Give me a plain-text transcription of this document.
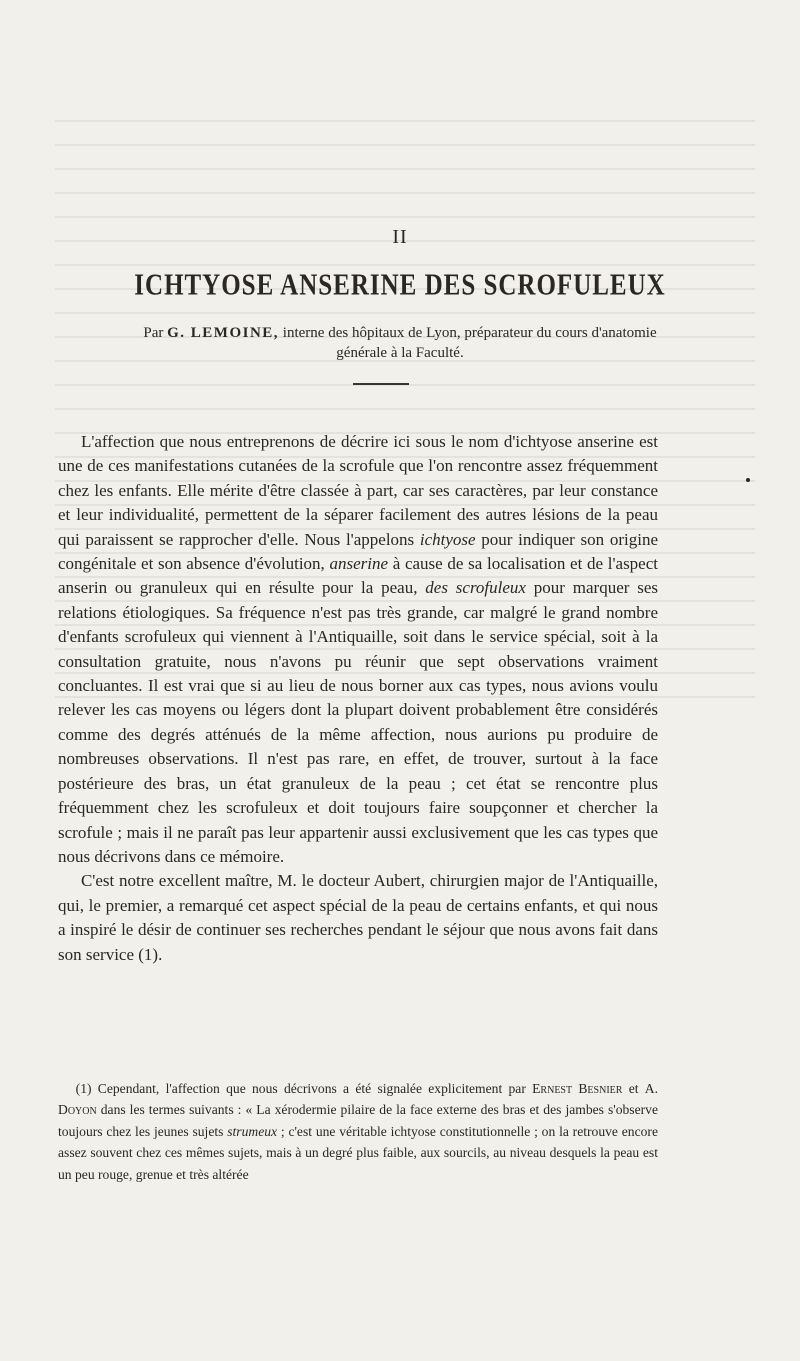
II
ICHTYOSE ANSERINE DES SCROFULEUX
Par G. LEMOINE, interne des hôpitaux de Lyon, préparateur du cours d'anatomie
générale à la Faculté.

L'affection que nous entreprenons de décrire ici sous le nom d'ichtyose anserine est une de ces manifestations cutanées de la scrofule que l'on rencontre assez fréquemment chez les enfants. Elle mérite d'être classée à part, car ses caractères, par leur constance et leur individualité, permettent de la séparer facilement des autres lésions de la peau qui paraissent se rapprocher d'elle. Nous l'appelons ichtyose pour indiquer son origine congénitale et son absence d'évolution, anserine à cause de sa localisation et de l'aspect anserin ou granuleux qui en résulte pour la peau, des scrofuleux pour marquer ses relations étiologiques. Sa fréquence n'est pas très grande, car malgré le grand nombre d'enfants scrofuleux qui viennent à l'Antiquaille, soit dans le service spécial, soit à la consultation gratuite, nous n'avons pu réunir que sept observations vraiment concluantes. Il est vrai que si au lieu de nous borner aux cas types, nous avions voulu relever les cas moyens ou légers dont la plupart doivent probablement être considérés comme des degrés atténués de la même affection, nous aurions pu produire de nombreuses observations. Il n'est pas rare, en effet, de trouver, surtout à la face postérieure des bras, un état granuleux de la peau ; cet état se rencontre plus fréquemment chez les scrofuleux et doit toujours faire soupçonner et chercher la scrofule ; mais il ne paraît pas leur appartenir aussi exclusivement que les cas types que nous décrivons dans ce mémoire.

C'est notre excellent maître, M. le docteur Aubert, chirurgien major de l'Antiquaille, qui, le premier, a remarqué cet aspect spécial de la peau de certains enfants, et qui nous a inspiré le désir de continuer ses recherches pendant le séjour que nous avons fait dans son service (1).

(1) Cependant, l'affection que nous décrivons a été signalée explicitement par Ernest Besnier et A. Doyon dans les termes suivants : « La xérodermie pilaire de la face externe des bras et des jambes s'observe toujours chez les jeunes sujets strumeux ; c'est une véritable ichtyose constitutionnelle ; on la retrouve encore assez souvent chez ces mêmes sujets, mais à un degré plus faible, aux sourcils, au niveau desquels la peau est un peu rouge, grenue et très altérée
